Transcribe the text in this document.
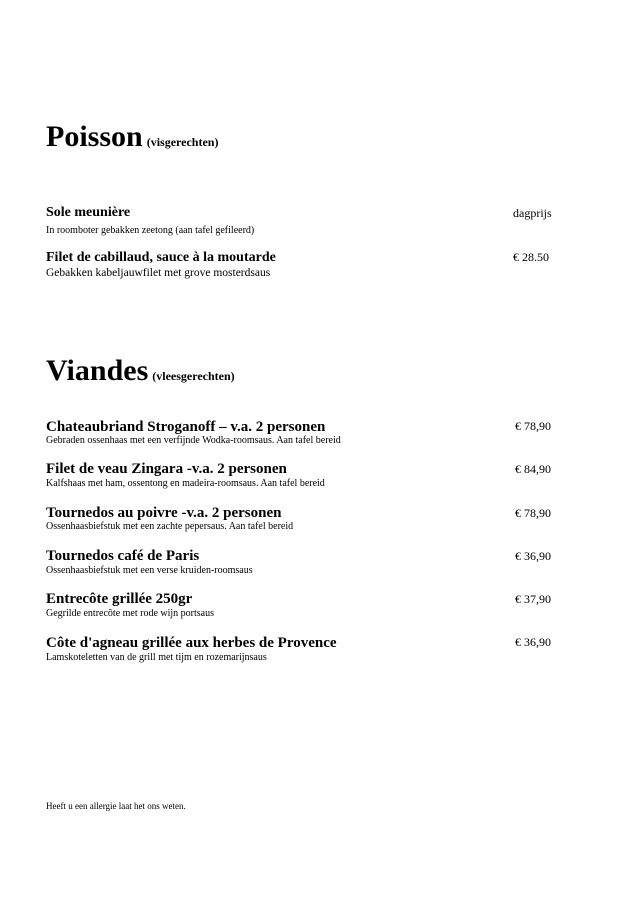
Poisson (visgerechten)
Sole meunière	dagprijs
In roomboter gebakken zeetong (aan tafel gefileerd)
Filet de cabillaud, sauce à la moutarde	€ 28.50
Gebakken kabeljauwfilet met grove mosterdsaus
Viandes (vleesgerechten)
Chateaubriand Stroganoff – v.a. 2 personen	€ 78,90
Gebraden ossenhaas met een verfijnde Wodka-roomsaus. Aan tafel bereid
Filet de veau Zingara -v.a. 2 personen	€ 84,90
Kalfshaas met ham, ossentong en madeira-roomsaus. Aan tafel bereid
Tournedos au poivre -v.a. 2 personen	€ 78,90
Ossenhaasbiefstuk met een zachte pepersaus. Aan tafel bereid
Tournedos café de Paris	€ 36,90
Ossenhaasbiefstuk met een verse kruiden-roomsaus
Entrecôte grillée 250gr	€ 37,90
Gegrilde entrecôte met rode wijn portsaus
Côte d'agneau grillée aux herbes de Provence	€ 36,90
Lamskoteletten van de grill met tijm en rozemarijnsaus
Heeft u een allergie laat het ons weten.
